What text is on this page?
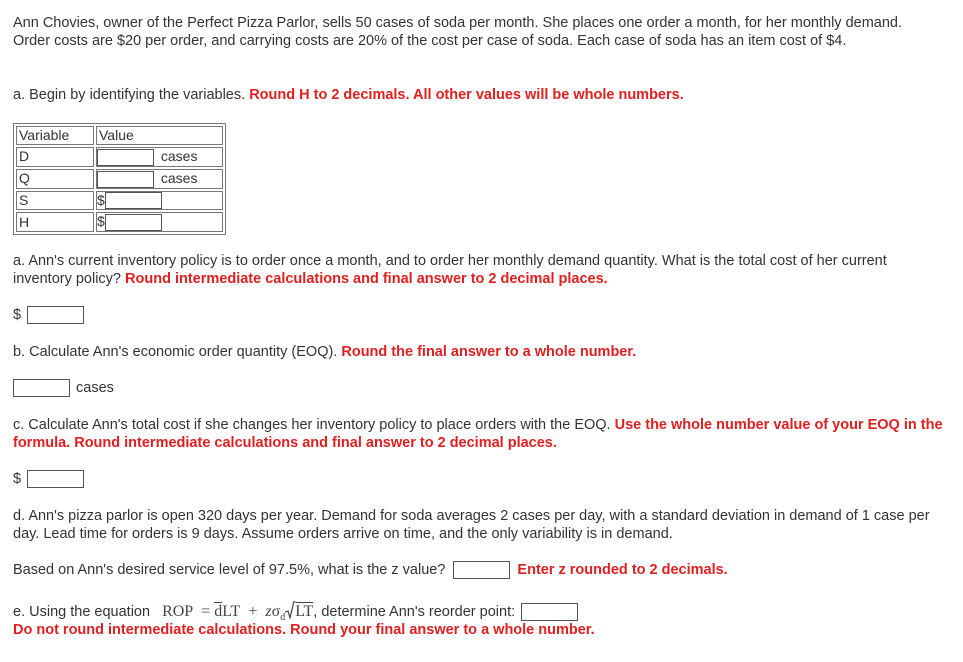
Ann Chovies, owner of the Perfect Pizza Parlor, sells 50 cases of soda per month. She places one order a month, for her monthly demand. Order costs are $20 per order, and carrying costs are 20% of the cost per case of soda. Each case of soda has an item cost of $4.
a. Begin by identifying the variables. Round H to 2 decimals. All other values will be whole numbers.
Variable	Value
D	cases
Q	cases
S	$
H	$
a. Ann's current inventory policy is to order once a month, and to order her monthly demand quantity. What is the total cost of her current inventory policy? Round intermediate calculations and final answer to 2 decimal places.
$
b. Calculate Ann's economic order quantity (EOQ). Round the final answer to a whole number.
cases
c. Calculate Ann's total cost if she changes her inventory policy to place orders with the EOQ. Use the whole number value of your EOQ in the formula. Round intermediate calculations and final answer to 2 decimal places.
$
d. Ann's pizza parlor is open 320 days per year. Demand for soda averages 2 cases per day, with a standard deviation in demand of 1 case per day. Lead time for orders is 9 days. Assume orders arrive on time, and the only variability is in demand.
Based on Ann's desired service level of 97.5%, what is the z value?	Enter z rounded to 2 decimals.
e. Using the equation ROP  = $\overline{d}LT + z\sigma_d$ $\overline{LT}$, determine Ann's reorder point:
Do not round intermediate calculations. Round your final answer to a whole number.
